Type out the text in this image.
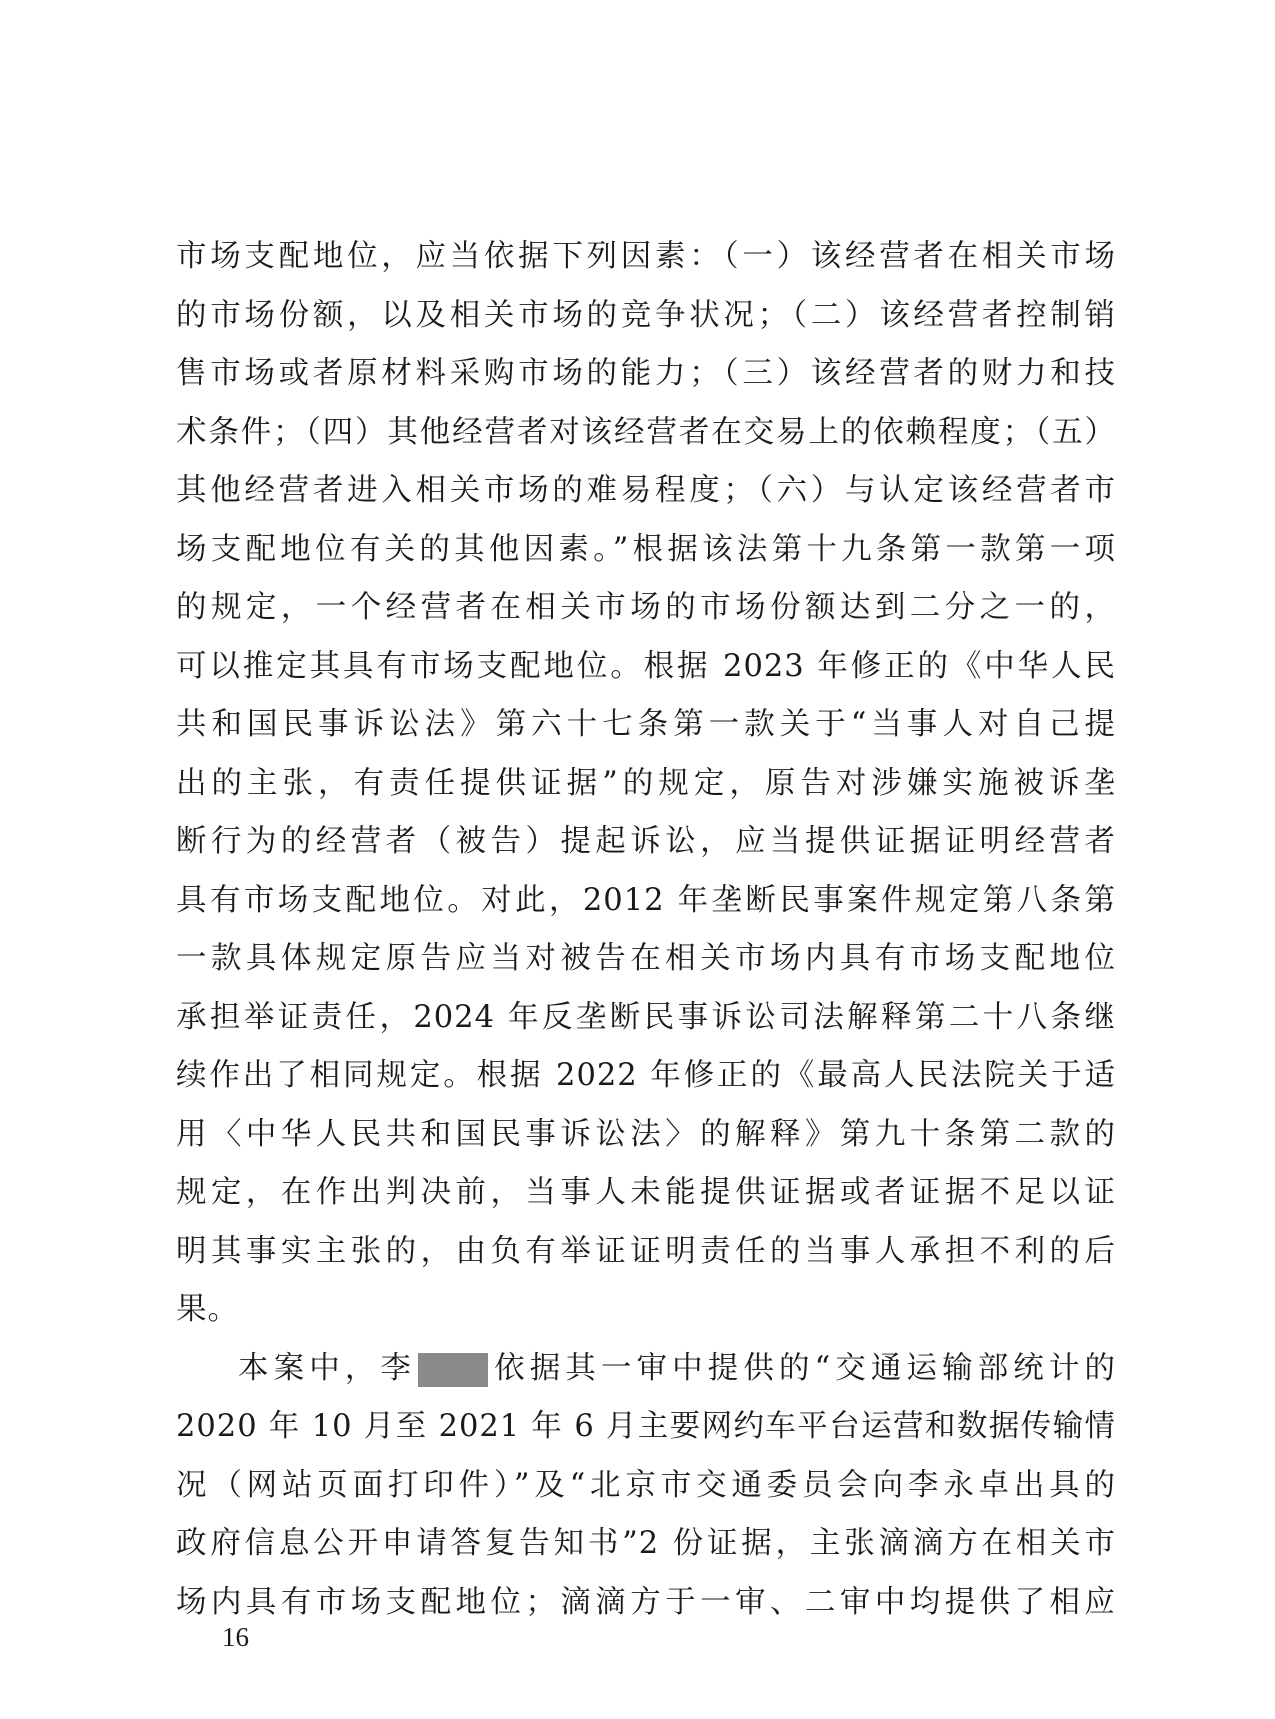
市场支配地位，应当依据下列因素：（一）该经营者在相关市场
的市场份额，以及相关市场的竞争状况；（二）该经营者控制销
售市场或者原材料采购市场的能力；（三）该经营者的财力和技
术条件；（四）其他经营者对该经营者在交易上的依赖程度；（五）
其他经营者进入相关市场的难易程度；（六）与认定该经营者市
场支配地位有关的其他因素。”根据该法第十九条第一款第一项
的规定，一个经营者在相关市场的市场份额达到二分之一的，
可以推定其具有市场支配地位。根据 2023 年修正的《中华人民
共和国民事诉讼法》第六十七条第一款关于“当事人对自己提
出的主张，有责任提供证据”的规定，原告对涉嫌实施被诉垄
断行为的经营者（被告）提起诉讼，应当提供证据证明经营者
具有市场支配地位。对此，2012 年垄断民事案件规定第八条第
一款具体规定原告应当对被告在相关市场内具有市场支配地位
承担举证责任，2024 年反垄断民事诉讼司法解释第二十八条继
续作出了相同规定。根据 2022 年修正的《最高人民法院关于适
用〈中华人民共和国民事诉讼法〉的解释》第九十条第二款的
规定，在作出判决前，当事人未能提供证据或者证据不足以证
明其事实主张的，由负有举证证明责任的当事人承担不利的后
果。
本案中，李 依据其一审中提供的“交通运输部统计的
2020 年 10 月至 2021 年 6 月主要网约车平台运营和数据传输情
况（网站页面打印件）”及“北京市交通委员会向李永卓出具的
政府信息公开申请答复告知书”2 份证据，主张滴滴方在相关市
场内具有市场支配地位；滴滴方于一审、二审中均提供了相应
16
